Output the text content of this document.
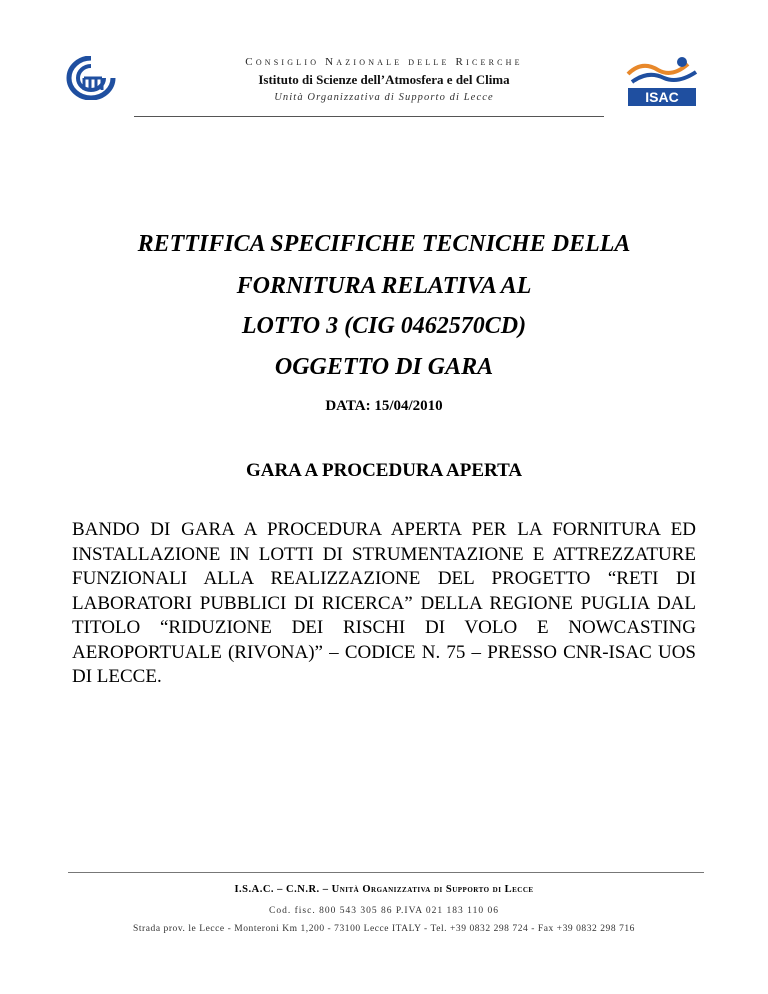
Consiglio Nazionale delle Ricerche
Istituto di Scienze dell’Atmosfera e del Clima
Unità Organizzativa di Supporto di Lecce	ISAC
RETTIFICA SPECIFICHE TECNICHE DELLA
FORNITURA RELATIVA AL
LOTTO 3 (CIG 0462570CD)
OGGETTO DI GARA
DATA: 15/04/2010
GARA A PROCEDURA APERTA
BANDO DI GARA A PROCEDURA APERTA PER LA FORNITURA ED INSTALLAZIONE IN LOTTI DI STRUMENTAZIONE E ATTREZZATURE FUNZIONALI ALLA REALIZZAZIONE DEL PROGETTO “RETI DI LABORATORI PUBBLICI DI RICERCA” DELLA REGIONE PUGLIA DAL TITOLO “RIDUZIONE DEI RISCHI DI VOLO E NOWCASTING AEROPORTUALE (RIVONA)” – CODICE N. 75 – PRESSO CNR-ISAC UOS DI LECCE.
I.S.A.C. – C.N.R. – Unità Organizzativa di Supporto di Lecce
Cod. fisc. 800 543 305 86 P.IVA 021 183 110 06
Strada prov. le Lecce - Monteroni Km 1,200 - 73100 Lecce ITALY - Tel. +39 0832 298 724 - Fax +39 0832 298 716
